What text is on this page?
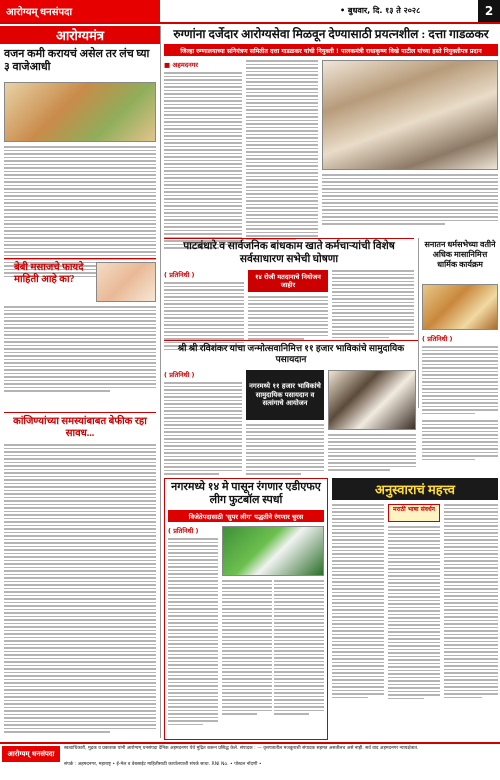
आरोग्यम् धनसंपदा	• बुधवार, दि. १३ ते २०२८	2
आरोग्यमंत्र
वजन कमी करायचं असेल तर लंच घ्या ३ वाजेआधी
बेबी मसाजचे फायदे माहिती आहे का?
कांजिण्यांच्या समस्यांबाबत बेफीक रहा सावध...
रुग्णांना दर्जेदार आरोग्यसेवा मिळवून देण्यासाठी प्रयत्नशील : दत्ता गाडळकर
जिल्हा रुग्णालयाच्या सनियंत्रण समितीत दत्ता गाडळकर यांची नियुक्ती ! पालकमंत्री राधाकृष्ण विखे पाटील यांच्या हस्ते नियुक्तीपत्र प्रदान
■ अहमदनगर
पाटबंधारे व सार्वजनिक बांधकाम खाते कर्मचाऱ्यांची विशेष सर्वसाधारण सभेची घोषणा
( प्रतिनिधी )	१४ रोजी मतदानाचे नियोजन जाहीर
सनातन धर्मसभेच्या वतीने अधिक मासानिमित्त धार्मिक कार्यक्रम
( प्रतिनिधी )
श्री श्री रविशंकर यांचा जन्मोत्सवानिमित्त ११ हजार भाविकांचे सामुदायिक पसायदान
( प्रतिनिधी )
नगरमध्ये ११ हजार भाविकांचे सामुदायिक पसायदान व सत्संगाचे आयोजन
नगरमध्ये १४ मे पासून रंगणार एडीएफए लीग फुटबॉल स्पर्धा
विजेतेपदासाठी 'सुपर लीग' पद्धतीने रंगणार चुरस
( प्रतिनिधी )
अनुस्वाराचं महत्त्व
मराठी भाषा संवर्धन
आरोग्यम् धनसंपदा
स्वत्वाधिकारी, मुद्रक व प्रकाशक यांनी आरोग्यम् धनसंपदा दैनिक अहमदनगर येथे मुद्रित करून प्रसिद्ध केले. संपादक : — वृत्तपत्रातील मजकुराशी संपादक सहमत असतीलच असे नाही. सर्व वाद अहमदनगर न्यायक्षेत्रात.
संपर्क : अहमदनगर, महाराष्ट्र • ई-मेल व वेबसाईट माहितीसाठी कार्यालयाशी संपर्क साधा. RNI No. • पोस्टल नोंदणी •
